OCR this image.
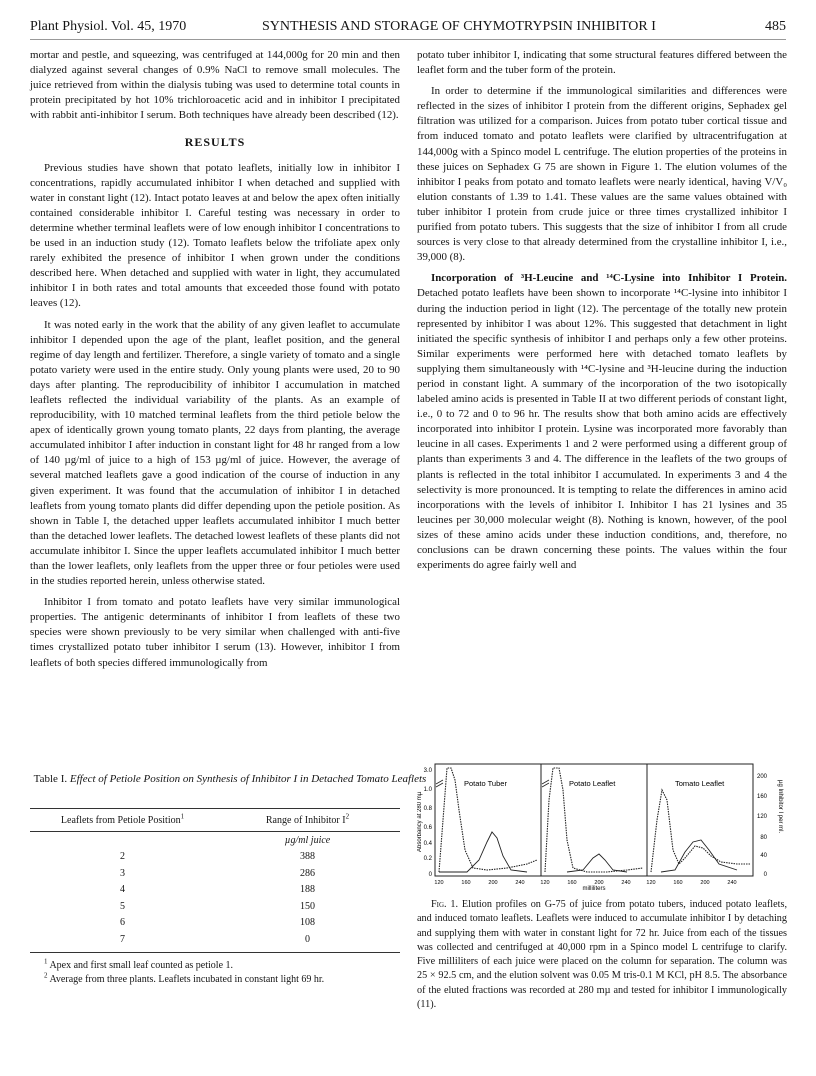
Plant Physiol. Vol. 45, 1970	SYNTHESIS AND STORAGE OF CHYMOTRYPSIN INHIBITOR I	485

mortar and pestle, and squeezing, was centrifuged at 144,000g for 20 min and then dialyzed against several changes of 0.9% NaCl to remove small molecules. The juice retrieved from within the dialysis tubing was used to determine total counts in protein precipitated by hot 10% trichloroacetic acid and in inhibitor I precipitated with rabbit anti-inhibitor I serum. Both techniques have already been described (12).

RESULTS

Previous studies have shown that potato leaflets, initially low in inhibitor I concentrations, rapidly accumulated inhibitor I when detached and supplied with water in constant light (12). Intact potato leaves at and below the apex often initially contained considerable inhibitor I. Careful testing was necessary in order to determine whether terminal leaflets were of low enough inhibitor I concentrations to be used in an induction study (12). Tomato leaflets below the trifoliate apex only rarely exhibited the presence of inhibitor I when grown under the conditions described here. When detached and supplied with water in light, they accumulated inhibitor I in both rates and total amounts that exceeded those found with potato leaves (12).

It was noted early in the work that the ability of any given leaflet to accumulate inhibitor I depended upon the age of the plant, leaflet position, and the general regime of day length and fertilizer. Therefore, a single variety of tomato and a single potato variety were used in the entire study. Only young plants were used, 20 to 90 days after planting. The reproducibility of inhibitor I accumulation in matched leaflets reflected the individual variability of the plants. As an example of reproducibility, with 10 matched terminal leaflets from the third petiole below the apex of identically grown young tomato plants, 22 days from planting, the average accumulated inhibitor I after induction in constant light for 48 hr ranged from a low of 140 µg/ml of juice to a high of 153 µg/ml of juice. However, the average of several matched leaflets gave a good indication of the course of induction in any given experiment. It was found that the accumulation of inhibitor I in detached leaflets from young tomato plants did differ depending upon the petiole position. As shown in Table I, the detached upper leaflets accumulated inhibitor I much better than the detached lower leaflets. The detached lowest leaflets of these plants did not accumulate inhibitor I. Since the upper leaflets accumulated inhibitor I much better than the lower leaflets, only leaflets from the upper three or four petioles were used in the studies reported herein, unless otherwise stated.

Inhibitor I from tomato and potato leaflets have very similar immunological properties. The antigenic determinants of inhibitor I from leaflets of these two species were shown previously to be very similar when challenged with anti-five times crystallized potato tuber inhibitor I serum (13). However, inhibitor I from leaflets of both species differed immunologically from

Table I. Effect of Petiole Position on Synthesis of Inhibitor I in Detached Tomato Leaflets
Leaflets from Petiole Position$^1$	Range of Inhibitor $I^2$
µg/ml juice
2	388
3	286
4	188
5	150
6	108
7	0
$^1$ Apex and first small leaf counted as petiole 1.
$^2$ Average from three plants. Leaflets incubated in constant light 69 hr.

potato tuber inhibitor I, indicating that some structural features differed between the leaflet form and the tuber form of the protein.

In order to determine if the immunological similarities and differences were reflected in the sizes of inhibitor I protein from the different origins, Sephadex gel filtration was utilized for a comparison. Juices from potato tuber cortical tissue and from induced tomato and potato leaflets were clarified by ultracentrifugation at 144,000g with a Spinco model L centrifuge. The elution properties of the proteins in these juices on Sephadex G 75 are shown in Figure 1. The elution volumes of the inhibitor I peaks from potato and tomato leaflets were nearly identical, having V/V₀ elution constants of 1.39 to 1.41. These values are the same values obtained with tuber inhibitor I protein from crude juice or three times crystallized inhibitor I purified from potato tubers. This suggests that the size of inhibitor I from all crude sources is very close to that already determined from the crystalline inhibitor I, i.e., 39,000 (8).

Incorporation of ³H-Leucine and ¹⁴C-Lysine into Inhibitor I Protein. Detached potato leaflets have been shown to incorporate ¹⁴C-lysine into inhibitor I during the induction period in light (12). The percentage of the totally new protein represented by inhibitor I was about 12%. This suggested that detachment in light initiated the specific synthesis of inhibitor I and perhaps only a few other proteins. Similar experiments were performed here with detached tomato leaflets by supplying them simultaneously with ¹⁴C-lysine and ³H-leucine during the induction period in constant light. A summary of the incorporation of the two isotopically labeled amino acids is presented in Table II at two different periods of constant light, i.e., 0 to 72 and 0 to 96 hr. The results show that both amino acids are effectively incorporated into inhibitor I protein. Lysine was incorporated more favorably than leucine in all cases. Experiments 1 and 2 were performed using a different group of plants than experiments 3 and 4. The difference in the leaflets of the two groups of plants is reflected in the total inhibitor I accumulated. In experiments 3 and 4 the selectivity is more pronounced. It is tempting to relate the differences in amino acid incorporations with the levels of inhibitor I. Inhibitor I has 21 lysines and 35 leucines per 30,000 molecular weight (8). Nothing is known, however, of the pool sizes of these amino acids under these induction conditions, and, therefore, no conclusions can be drawn concerning these points. The values within the four experiments do agree fairly well and

Potato Tuber	Potato Leaflet	Tomato Leaflet
3.0
1.0
0.8
0.6
0.4
0.2
0
Absorbancy at 280 mµ
200
160
120
80
40
0
µg Inhibitor I per ml.
120	160	200	240	120	160	200	240	120	160	200	240
milliliters
Fig. 1. Elution profiles on G-75 of juice from potato tubers, induced potato leaflets, and induced tomato leaflets. Leaflets were induced to accumulate inhibitor I by detaching and supplying them with water in constant light for 72 hr. Juice from each of the tissues was collected and centrifuged at 40,000 rpm in a Spinco model L centrifuge to clarify. Five milliliters of each juice were placed on the column for separation. The column was 25 × 92.5 cm, and the elution solvent was 0.05 M tris-0.1 M KCl, pH 8.5. The absorbance of the eluted fractions was recorded at 280 mµ and tested for inhibitor I immunologically (11).
